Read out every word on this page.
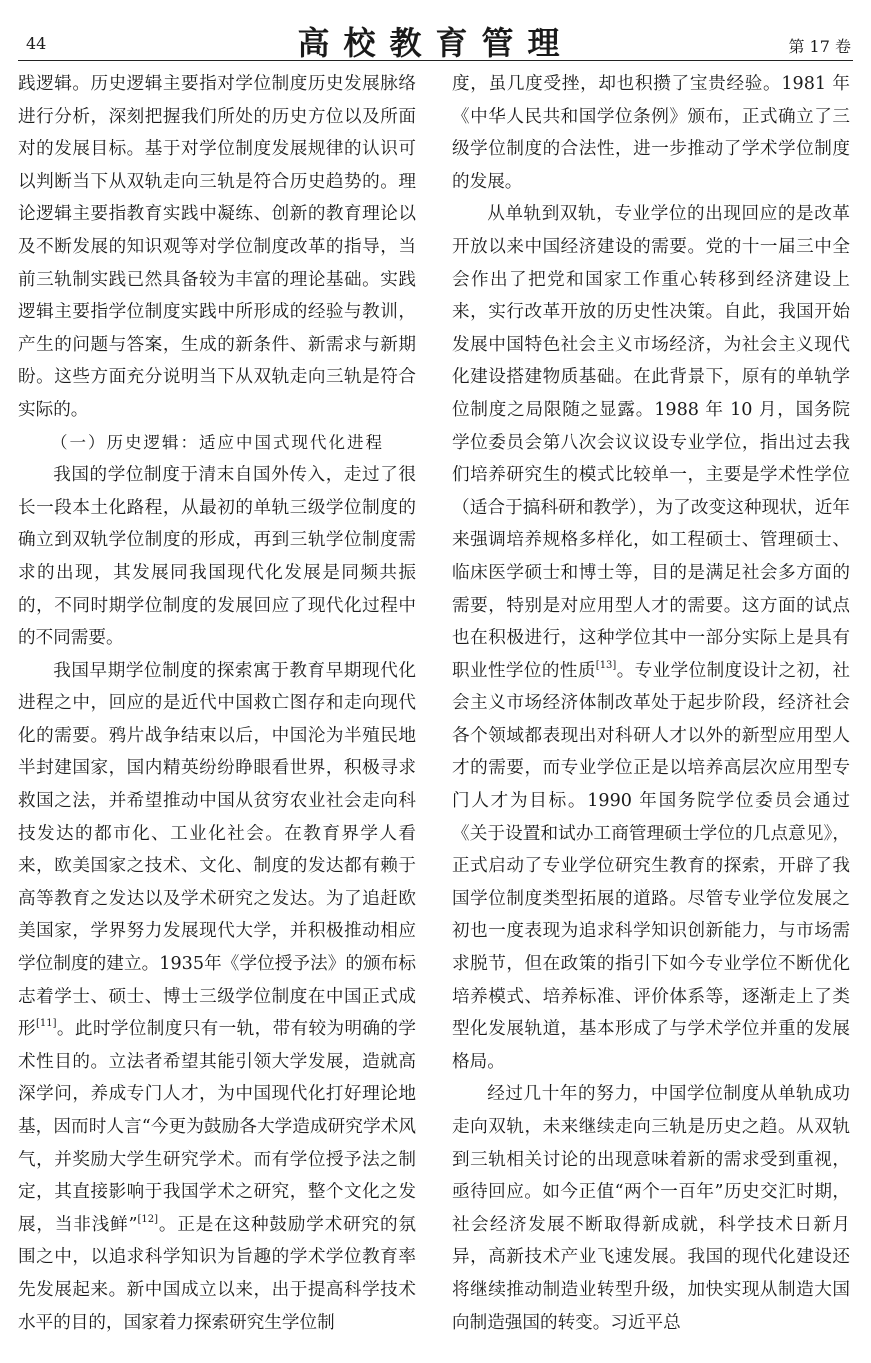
44	高校教育管理	第 17 卷

践逻辑。历史逻辑主要指对学位制度历史发展脉络进行分析，深刻把握我们所处的历史方位以及所面对的发展目标。基于对学位制度发展规律的认识可以判断当下从双轨走向三轨是符合历史趋势的。理论逻辑主要指教育实践中凝练、创新的教育理论以及不断发展的知识观等对学位制度改革的指导，当前三轨制实践已然具备较为丰富的理论基础。实践逻辑主要指学位制度实践中所形成的经验与教训，产生的问题与答案，生成的新条件、新需求与新期盼。这些方面充分说明当下从双轨走向三轨是符合实际的。

（一）历史逻辑：适应中国式现代化进程

我国的学位制度于清末自国外传入，走过了很长一段本土化路程，从最初的单轨三级学位制度的确立到双轨学位制度的形成，再到三轨学位制度需求的出现，其发展同我国现代化发展是同频共振的，不同时期学位制度的发展回应了现代化过程中的不同需要。

我国早期学位制度的探索寓于教育早期现代化进程之中，回应的是近代中国救亡图存和走向现代化的需要。鸦片战争结束以后，中国沦为半殖民地半封建国家，国内精英纷纷睁眼看世界，积极寻求救国之法，并希望推动中国从贫穷农业社会走向科技发达的都市化、工业化社会。在教育界学人看来，欧美国家之技术、文化、制度的发达都有赖于高等教育之发达以及学术研究之发达。为了追赶欧美国家，学界努力发展现代大学，并积极推动相应学位制度的建立。1935年《学位授予法》的颁布标志着学士、硕士、博士三级学位制度在中国正式成形[11]。此时学位制度只有一轨，带有较为明确的学术性目的。立法者希望其能引领大学发展，造就高深学问，养成专门人才，为中国现代化打好理论地基，因而时人言“今更为鼓励各大学造成研究学术风气，并奖励大学生研究学术。而有学位授予法之制定，其直接影响于我国学术之研究，整个文化之发展，当非浅鲜”[12]。正是在这种鼓励学术研究的氛围之中，以追求科学知识为旨趣的学术学位教育率先发展起来。新中国成立以来，出于提高科学技术水平的目的，国家着力探索研究生学位制

度，虽几度受挫，却也积攒了宝贵经验。1981 年《中华人民共和国学位条例》颁布，正式确立了三级学位制度的合法性，进一步推动了学术学位制度的发展。

从单轨到双轨，专业学位的出现回应的是改革开放以来中国经济建设的需要。党的十一届三中全会作出了把党和国家工作重心转移到经济建设上来，实行改革开放的历史性决策。自此，我国开始发展中国特色社会主义市场经济，为社会主义现代化建设搭建物质基础。在此背景下，原有的单轨学位制度之局限随之显露。1988 年 10 月，国务院学位委员会第八次会议议设专业学位，指出过去我们培养研究生的模式比较单一，主要是学术性学位（适合于搞科研和教学），为了改变这种现状，近年来强调培养规格多样化，如工程硕士、管理硕士、临床医学硕士和博士等，目的是满足社会多方面的需要，特别是对应用型人才的需要。这方面的试点也在积极进行，这种学位其中一部分实际上是具有职业性学位的性质[13]。专业学位制度设计之初，社会主义市场经济体制改革处于起步阶段，经济社会各个领域都表现出对科研人才以外的新型应用型人才的需要，而专业学位正是以培养高层次应用型专门人才为目标。1990 年国务院学位委员会通过《关于设置和试办工商管理硕士学位的几点意见》，正式启动了专业学位研究生教育的探索，开辟了我国学位制度类型拓展的道路。尽管专业学位发展之初也一度表现为追求科学知识创新能力，与市场需求脱节，但在政策的指引下如今专业学位不断优化培养模式、培养标准、评价体系等，逐渐走上了类型化发展轨道，基本形成了与学术学位并重的发展格局。

经过几十年的努力，中国学位制度从单轨成功走向双轨，未来继续走向三轨是历史之趋。从双轨到三轨相关讨论的出现意味着新的需求受到重视，亟待回应。如今正值“两个一百年”历史交汇时期，社会经济发展不断取得新成就，科学技术日新月异，高新技术产业飞速发展。我国的现代化建设还将继续推动制造业转型升级，加快实现从制造大国向制造强国的转变。习近平总
